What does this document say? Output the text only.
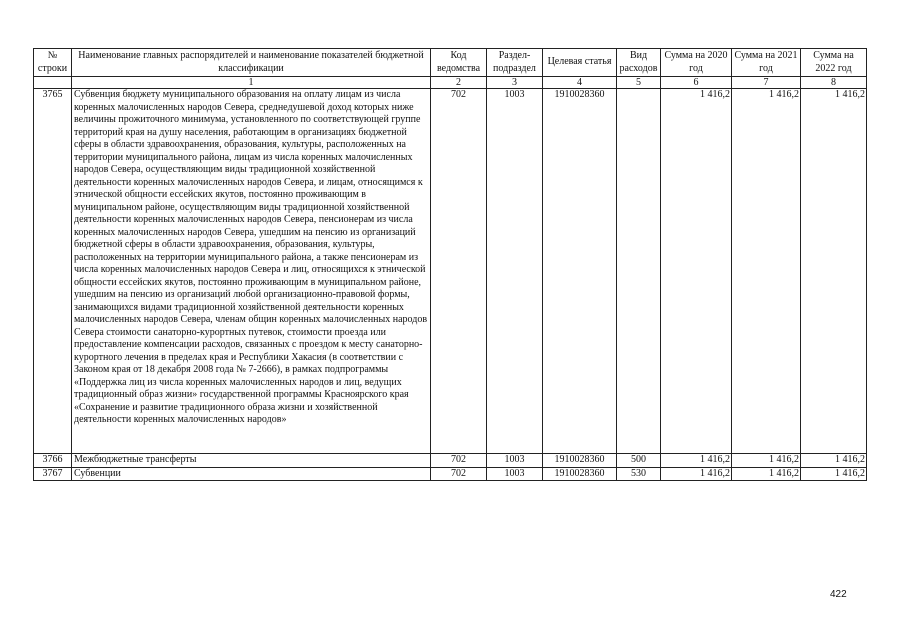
№ строки	Наименование главных распорядителей и наименование показателей бюджетной классификации	Код ведомства	Раздел-подраздел	Целевая статья	Вид расходов	Сумма на 2020 год	Сумма на 2021 год	Сумма на 2022 год
	1	2	3	4	5	6	7	8
3765	Субвенция бюджету муниципального образования на оплату лицам из числа коренных малочисленных народов Севера, среднедушевой доход которых ниже величины прожиточного минимума, установленного по соответствующей группе территорий края на душу населения, работающим в организациях бюджетной сферы в области здравоохранения, образования, культуры, расположенных на территории муниципального района, лицам из числа коренных малочисленных народов Севера, осуществляющим виды традиционной хозяйственной деятельности коренных малочисленных народов Севера, и лицам, относящимся к этнической общности ессейских якутов, постоянно проживающим в муниципальном районе, осуществляющим виды традиционной хозяйственной деятельности коренных малочисленных народов Севера, пенсионерам из числа коренных малочисленных народов Севера, ушедшим на пенсию из организаций бюджетной сферы в области здравоохранения, образования, культуры, расположенных на территории муниципального района, а также пенсионерам из числа коренных малочисленных народов Севера и лиц, относящихся к этнической общности ессейских якутов, постоянно проживающим в муниципальном районе, ушедшим на пенсию из организаций любой организационно-правовой формы, занимающихся видами традиционной хозяйственной деятельности коренных малочисленных народов Севера, членам общин коренных малочисленных народов Севера стоимости санаторно-курортных путевок, стоимости проезда или предоставление компенсации расходов, связанных с проездом к месту санаторно-курортного лечения в пределах края и Республики Хакасия (в соответствии с Законом края от 18 декабря 2008 года № 7-2666), в рамках подпрограммы «Поддержка лиц из числа коренных малочисленных народов и лиц, ведущих традиционный образ жизни» государственной программы Красноярского края «Сохранение и развитие традиционного образа жизни и хозяйственной деятельности коренных малочисленных народов»	702	1003	1910028360		1 416,2	1 416,2	1 416,2
3766	Межбюджетные трансферты	702	1003	1910028360	500	1 416,2	1 416,2	1 416,2
3767	Субвенции	702	1003	1910028360	530	1 416,2	1 416,2	1 416,2
422
